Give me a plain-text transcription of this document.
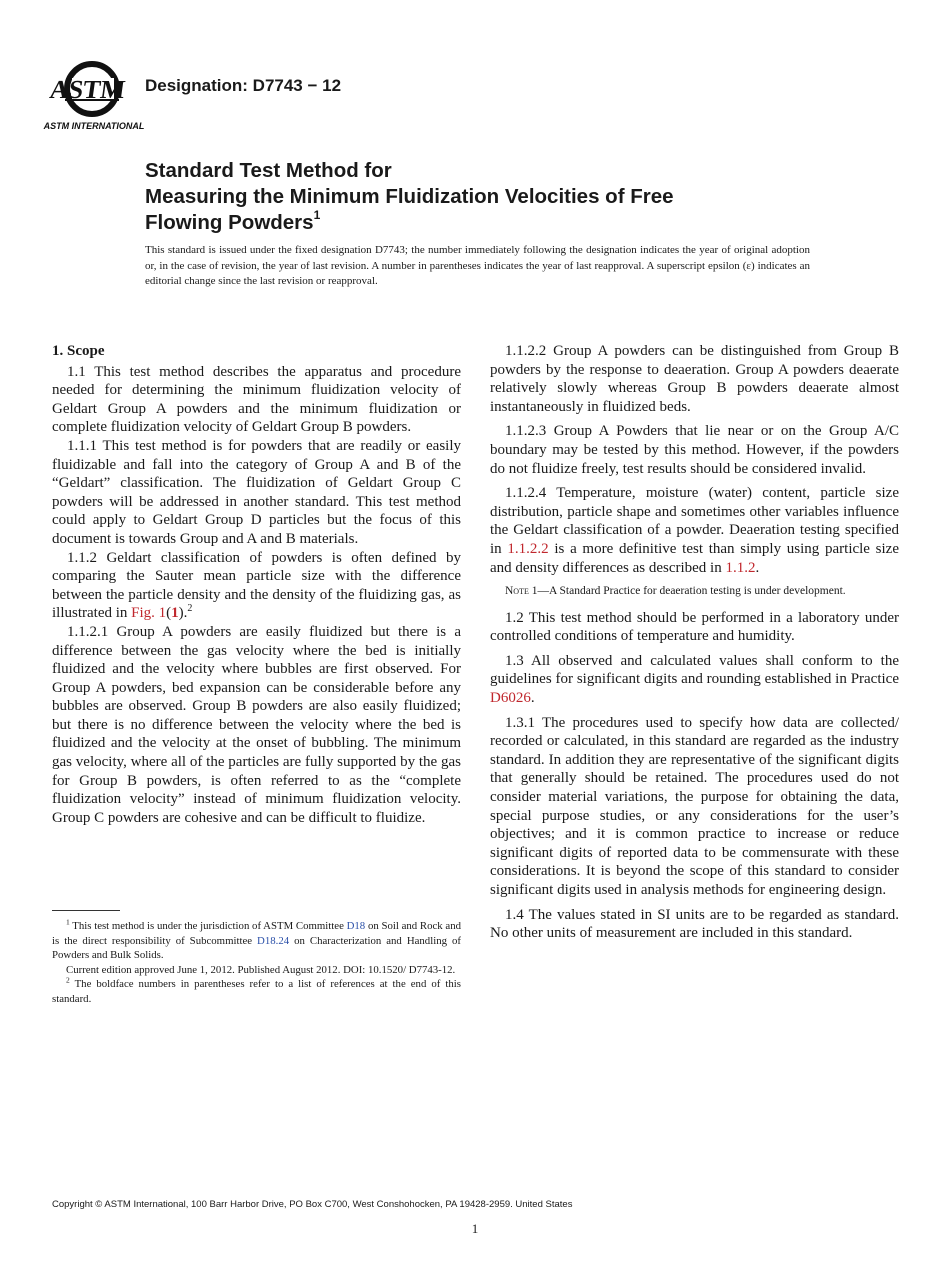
ASTM
ASTM INTERNATIONAL
Designation: D7743 − 12
Standard Test Method for
Measuring the Minimum Fluidization Velocities of Free
Flowing Powders$^1$
This standard is issued under the fixed designation D7743; the number immediately following the designation indicates the year of original adoption or, in the case of revision, the year of last revision. A number in parentheses indicates the year of last reapproval. A superscript epsilon (ε) indicates an editorial change since the last revision or reapproval.

1. Scope

1.1 This test method describes the apparatus and procedure needed for determining the minimum fluidization velocity of Geldart Group A powders and the minimum fluidization or complete fluidization velocity of Geldart Group B powders.

1.1.1 This test method is for powders that are readily or easily fluidizable and fall into the category of Group A and B of the “Geldart” classification. The fluidization of Geldart Group C powders will be addressed in another standard. This test method could apply to Geldart Group D particles but the focus of this document is towards Group and A and B materials.

1.1.2 Geldart classification of powders is often defined by comparing the Sauter mean particle size with the difference between the particle density and the density of the fluidizing gas, as illustrated in Fig. 1(1).$^2$

1.1.2.1 Group A powders are easily fluidized but there is a difference between the gas velocity where the bed is initially fluidized and the velocity where bubbles are first observed. For Group A powders, bed expansion can be considerable before any bubbles are observed. Group B powders are also easily fluidized; but there is no difference between the velocity where the bed is fluidized and the velocity at the onset of bubbling. The minimum gas velocity, where all of the particles are fully supported by the gas for Group B powders, is often referred to as the “complete fluidization velocity” instead of minimum fluidization velocity. Group C powders are cohesive and can be difficult to fluidize.

$^1$ This test method is under the jurisdiction of ASTM Committee D18 on Soil and Rock and is the direct responsibility of Subcommittee D18.24 on Characterization and Handling of Powders and Bulk Solids.

Current edition approved June 1, 2012. Published August 2012. DOI: 10.1520/ D7743-12.

$^2$ The boldface numbers in parentheses refer to a list of references at the end of this standard.

1.1.2.2 Group A powders can be distinguished from Group B powders by the response to deaeration. Group A powders deaerate relatively slowly whereas Group B powders deaerate almost instantaneously in fluidized beds.

1.1.2.3 Group A Powders that lie near or on the Group A/C boundary may be tested by this method. However, if the powders do not fluidize freely, test results should be considered invalid.

1.1.2.4 Temperature, moisture (water) content, particle size distribution, particle shape and sometimes other variables influence the Geldart classification of a powder. Deaeration testing specified in 1.1.2.2 is a more definitive test than simply using particle size and density differences as described in 1.1.2.

Note 1—A Standard Practice for deaeration testing is under development.

1.2 This test method should be performed in a laboratory under controlled conditions of temperature and humidity.

1.3 All observed and calculated values shall conform to the guidelines for significant digits and rounding established in Practice D6026.

1.3.1 The procedures used to specify how data are collected/ recorded or calculated, in this standard are regarded as the industry standard. In addition they are representative of the significant digits that generally should be retained. The procedures used do not consider material variations, the purpose for obtaining the data, special purpose studies, or any considerations for the user’s objectives; and it is common practice to increase or reduce significant digits of reported data to be commensurate with these considerations. It is beyond the scope of this standard to consider significant digits used in analysis methods for engineering design.

1.4 The values stated in SI units are to be regarded as standard. No other units of measurement are included in this standard.

Copyright © ASTM International, 100 Barr Harbor Drive, PO Box C700, West Conshohocken, PA 19428-2959. United States
1
